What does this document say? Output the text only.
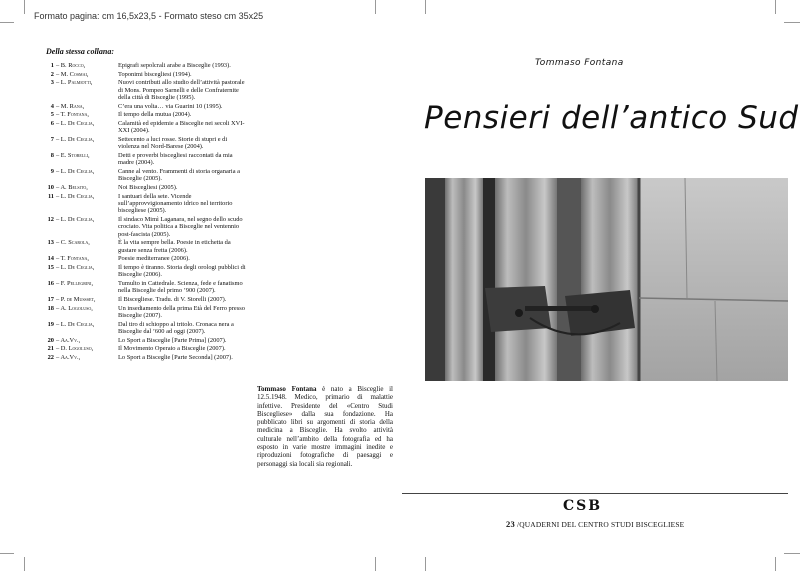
Formato pagina: cm 16,5x23,5 - Formato steso cm 35x25
Della stessa collana:
1 – B. Rocco,	Epigrafi sepolcrali arabe a Bisceglie (1993).
2 – M. Cosmai,	Toponimi biscegliesi (1994).
3 – L. Palmiotti,	Nuovi contributi allo studio dell’attività pastorale di Mons. Pompeo Sarnelli e delle Confraternite della città di Bisceglie (1995).
4 – M. Rana,	C’era una volta… via Guarini 10 (1995).
5 – T. Fontana,	Il tempo della mutua (2004).
6 – L. De Ceglia,	Calamità ed epidemie a Bisceglie nei secoli XVI-XXI (2004).
7 – L. De Ceglia,	Settecento a luci rosse. Storie di stupri e di violenza nel Nord-Barese (2004).
8 – E. Storelli,	Detti e proverbi biscegliesi raccontati da mia madre (2004).
9 – L. De Ceglia,	Canne al vento. Frammenti di storia organaria a Bisceglie (2005).
10 – A. Belsito,	Noi Biscegliesi (2005).
11 – L. De Ceglia,	I santuari della sete. Vicende sull’approvvigionamento idrico nel territorio biscegliese (2005).
12 – L. De Ceglia,	Il sindaco Mimì Laganara, nel segno dello scudo crociato. Vita politica a Bisceglie nel ventennio post-fascista (2005).
13 – C. Scarola,	È la vita sempre bella. Poesie in etichetta da gustare senza fretta (2006).
14 – T. Fontana,	Poesie mediterranee (2006).
15 – L. De Ceglia,	Il tempo è tiranno. Storia degli orologi pubblici di Bisceglie (2006).
16 – F. Pellegrini,	Tumulto in Cattedrale. Scienza, fede e fanatismo nella Bisceglie del primo ’900 (2007).
17 – P. de Mussset,	Il Biscegliese. Tradu. di V. Storelli (2007).
18 – A. Logoluso,	Un insediamento della prima Età del Ferro presso Bisceglie (2007).
19 – L. De Ceglia,	Dal tiro di schioppo al tritolo. Cronaca nera a Bisceglie dal ’600 ad oggi (2007).
20 – Aa.Vv.,	Lo Sport a Bisceglie [Parte Prima] (2007).
21 – D. Logoluso,	Il Movimento Operaio a Bisceglie (2007).
22 – Aa.Vv.,	Lo Sport a Bisceglie [Parte Seconda] (2007).
Tommaso Fontana
Pensieri dell’antico Sud
Tommaso Fontana è nato a Bisceglie il 12.5.1948. Medico, primario di malattie infettive. Presidente del «Centro Studi Biscegliese» dalla sua fondazione. Ha pubblicato libri su argomenti di storia della medicina a Bisceglie. Ha svolto attività culturale nell’ambito della fotografia ed ha esposto in varie mostre immagini inedite e riproduzioni fotografiche di paesaggi e personaggi sia locali sia regionali.
CSB
23 /QUADERNI DEL CENTRO STUDI BISCEGLIESE
